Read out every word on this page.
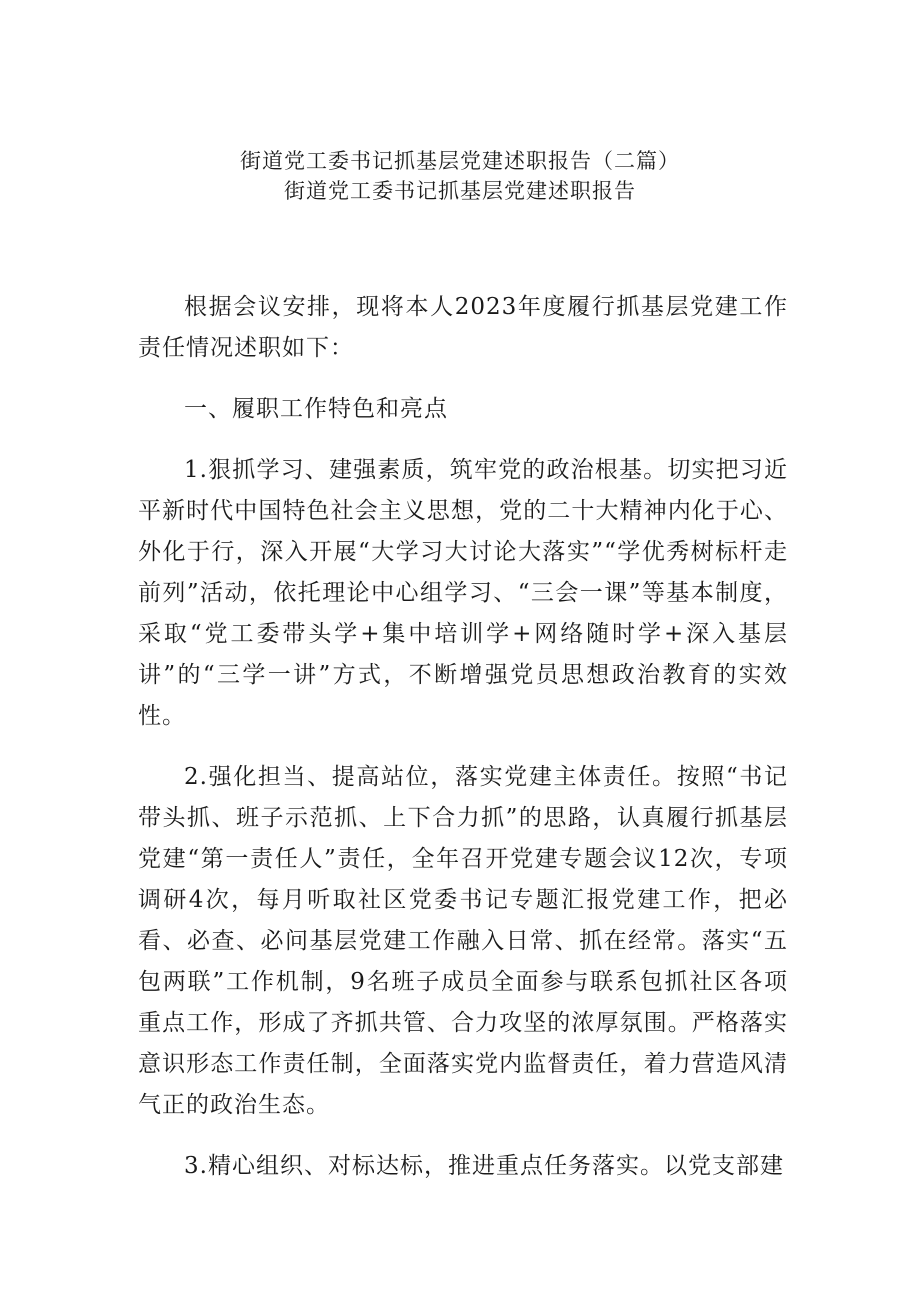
街道党工委书记抓基层党建述职报告（二篇）
街道党工委书记抓基层党建述职报告

根据会议安排，现将本人2023年度履行抓基层党建工作责任情况述职如下：

一、履职工作特色和亮点

1.狠抓学习、建强素质，筑牢党的政治根基。切实把习近平新时代中国特色社会主义思想，党的二十大精神内化于心、外化于行，深入开展“大学习大讨论大落实”“学优秀树标杆走前列”活动，依托理论中心组学习、“三会一课”等基本制度，采取“党工委带头学+集中培训学+网络随时学+深入基层讲”的“三学一讲”方式，不断增强党员思想政治教育的实效性。

2.强化担当、提高站位，落实党建主体责任。按照“书记带头抓、班子示范抓、上下合力抓”的思路，认真履行抓基层党建“第一责任人”责任，全年召开党建专题会议12次，专项调研4次，每月听取社区党委书记专题汇报党建工作，把必看、必查、必问基层党建工作融入日常、抓在经常。落实“五包两联”工作机制，9名班子成员全面参与联系包抓社区各项重点工作，形成了齐抓共管、合力攻坚的浓厚氛围。严格落实意识形态工作责任制，全面落实党内监督责任，着力营造风清气正的政治生态。

3.精心组织、对标达标，推进重点任务落实。以党支部建
